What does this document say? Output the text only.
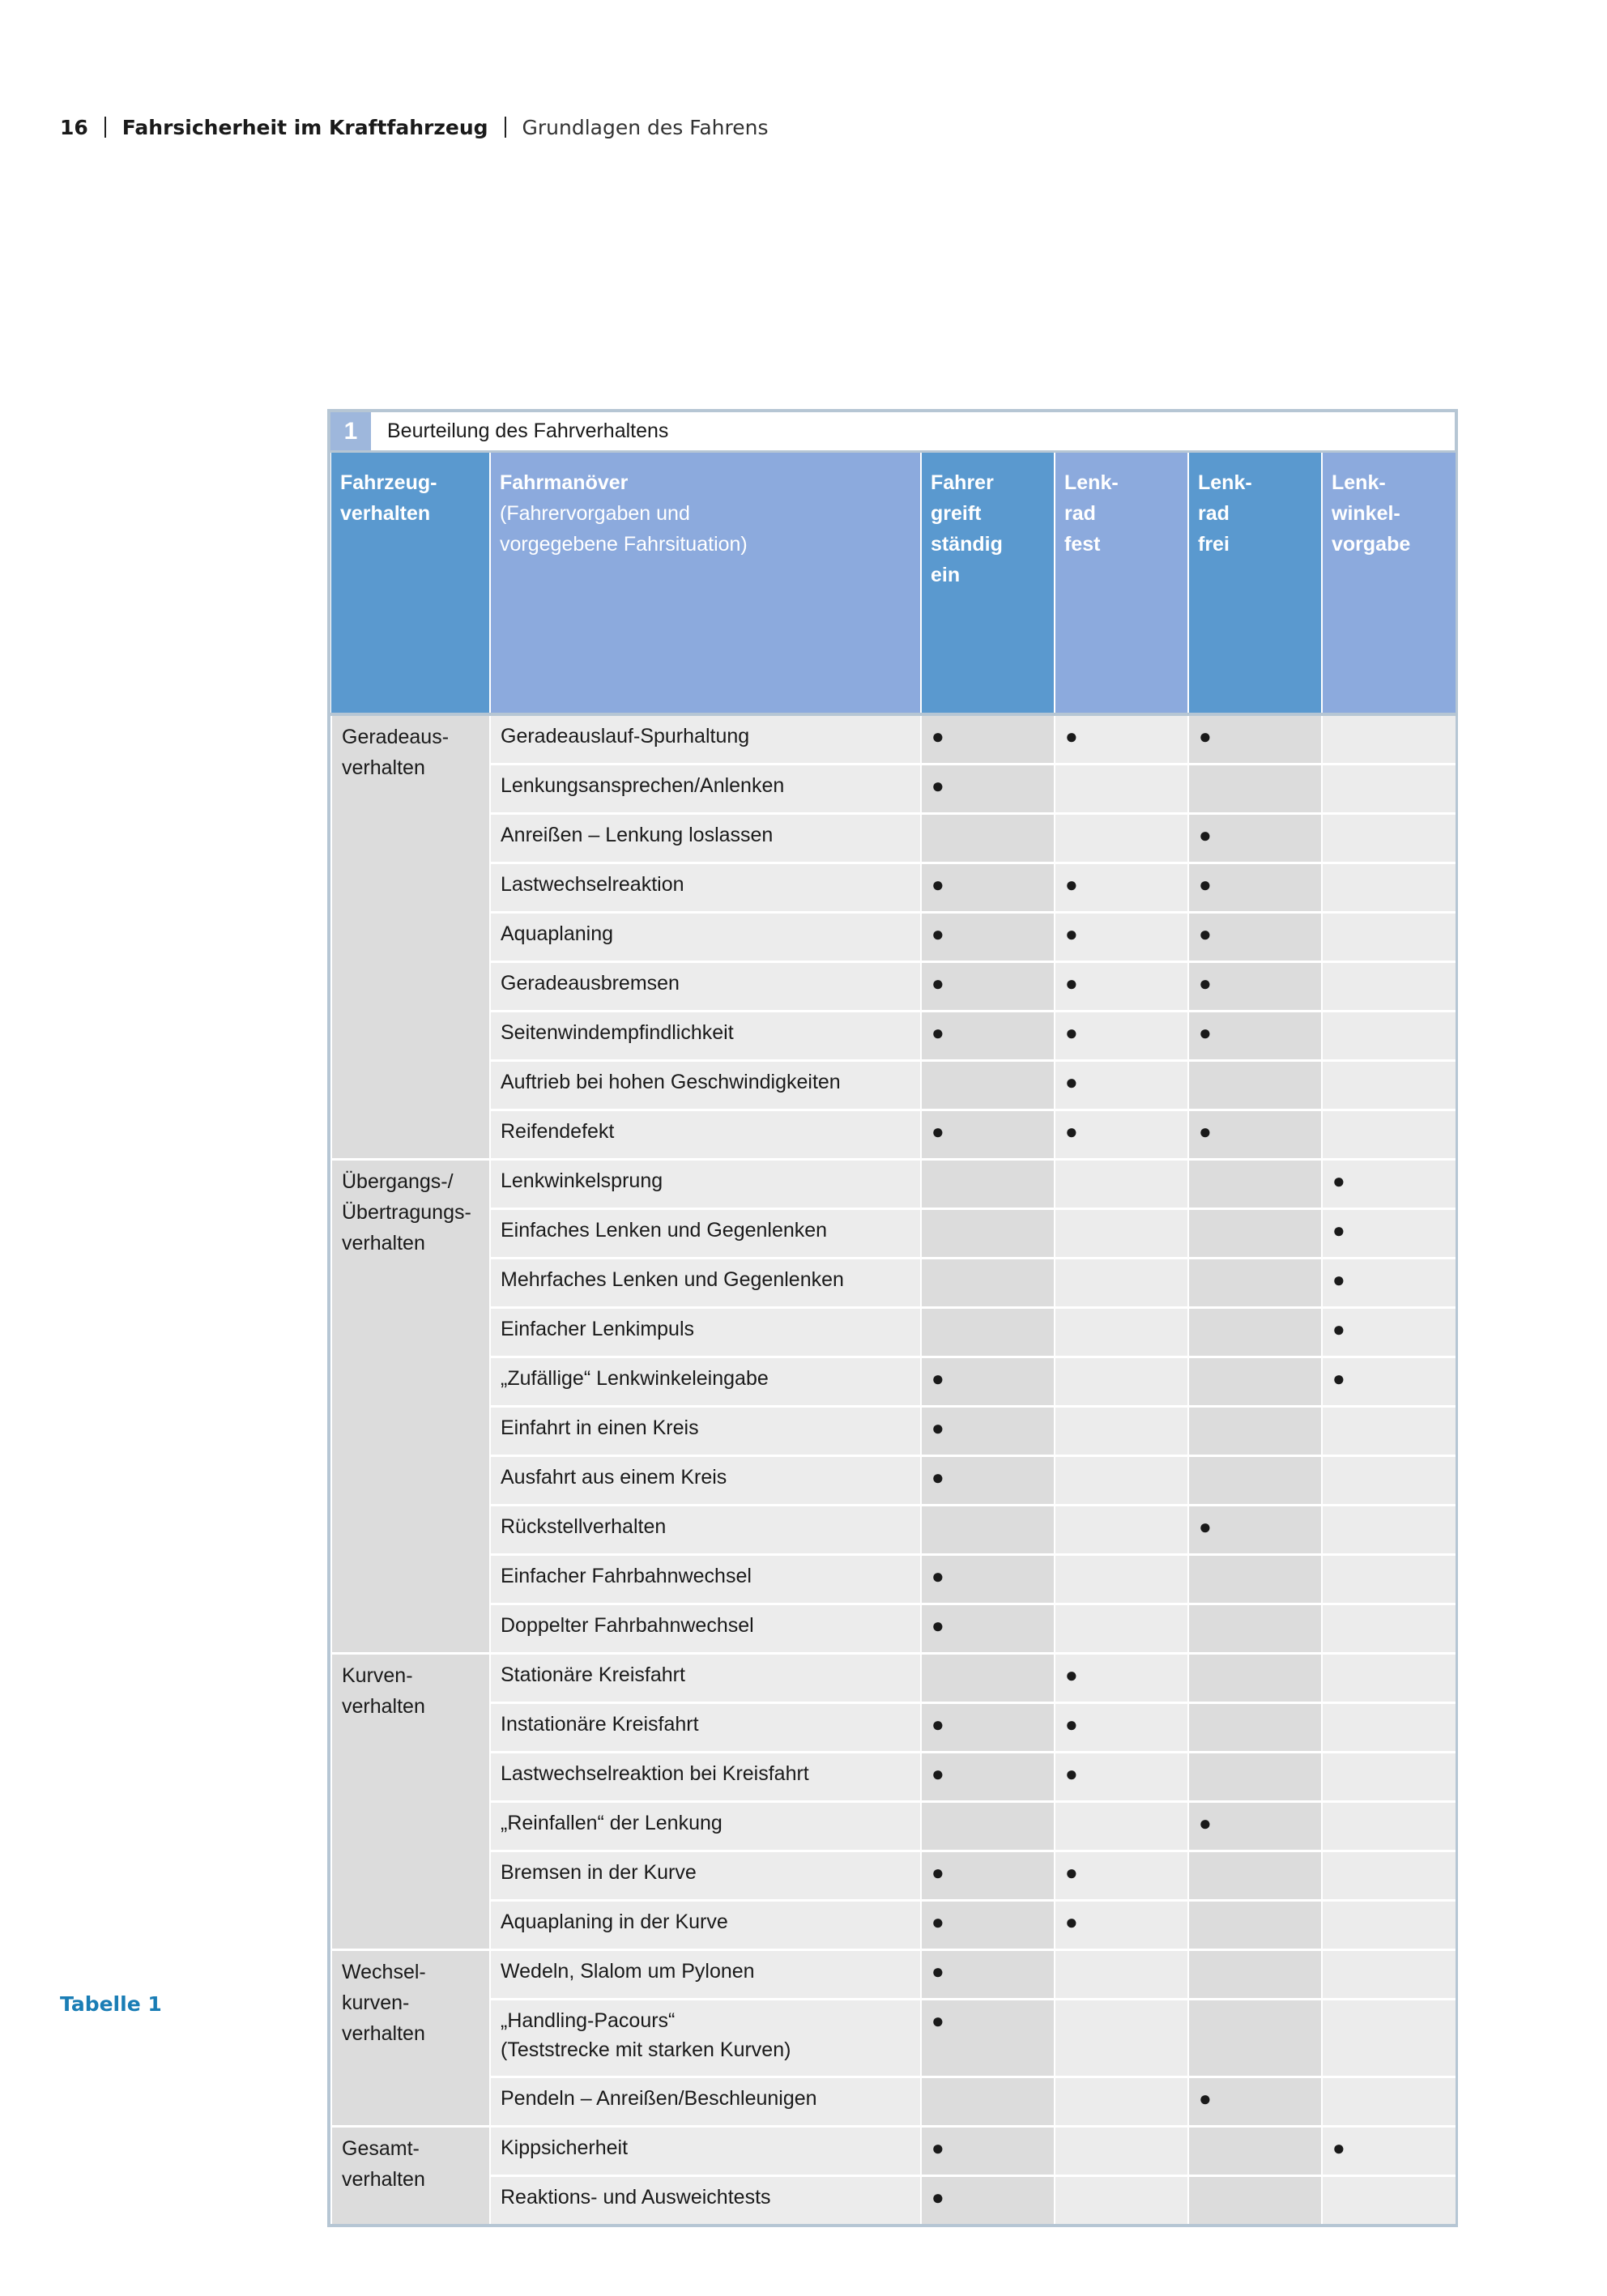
16 Fahrsicherheit im Kraftfahrzeug Grundlagen des Fahrens
Tabelle 1
1	Beurteilung des Fahrverhaltens
Fahrzeug-
verhalten	Fahrmanöver
(Fahrervorgaben und
vorgegebene Fahrsituation)	Fahrer
greift
ständig
ein	Lenk-
rad
fest	Lenk-
rad
frei	Lenk-
winkel-
vorgabe
Geradeaus-
verhalten	Geradeauslauf-Spurhaltung	●	●	●	
	Lenkungsansprechen/Anlenken	●			
	Anreißen – Lenkung loslassen			●	
	Lastwechselreaktion	●	●	●	
	Aquaplaning	●	●	●	
	Geradeausbremsen	●	●	●	
	Seitenwindempfindlichkeit	●	●	●	
	Auftrieb bei hohen Geschwindigkeiten		●		
	Reifendefekt	●	●	●	
Übergangs-/
Übertragungs-
verhalten	Lenkwinkelsprung				●
	Einfaches Lenken und Gegenlenken				●
	Mehrfaches Lenken und Gegenlenken				●
	Einfacher Lenkimpuls				●
	„Zufällige“ Lenkwinkeleingabe	●			●
	Einfahrt in einen Kreis	●			
	Ausfahrt aus einem Kreis	●			
	Rückstellverhalten			●	
	Einfacher Fahrbahnwechsel	●			
	Doppelter Fahrbahnwechsel	●			
Kurven-
verhalten	Stationäre Kreisfahrt		●		
	Instationäre Kreisfahrt	●	●		
	Lastwechselreaktion bei Kreisfahrt	●	●		
	„Reinfallen“ der Lenkung			●	
	Bremsen in der Kurve	●	●		
	Aquaplaning in der Kurve	●	●		
Wechsel-
kurven-
verhalten	Wedeln, Slalom um Pylonen	●			
	„Handling-Pacours“
(Teststrecke mit starken Kurven)	●			
	Pendeln – Anreißen/Beschleunigen			●	
Gesamt-
verhalten	Kippsicherheit	●			●
	Reaktions- und Ausweichtests	●			
